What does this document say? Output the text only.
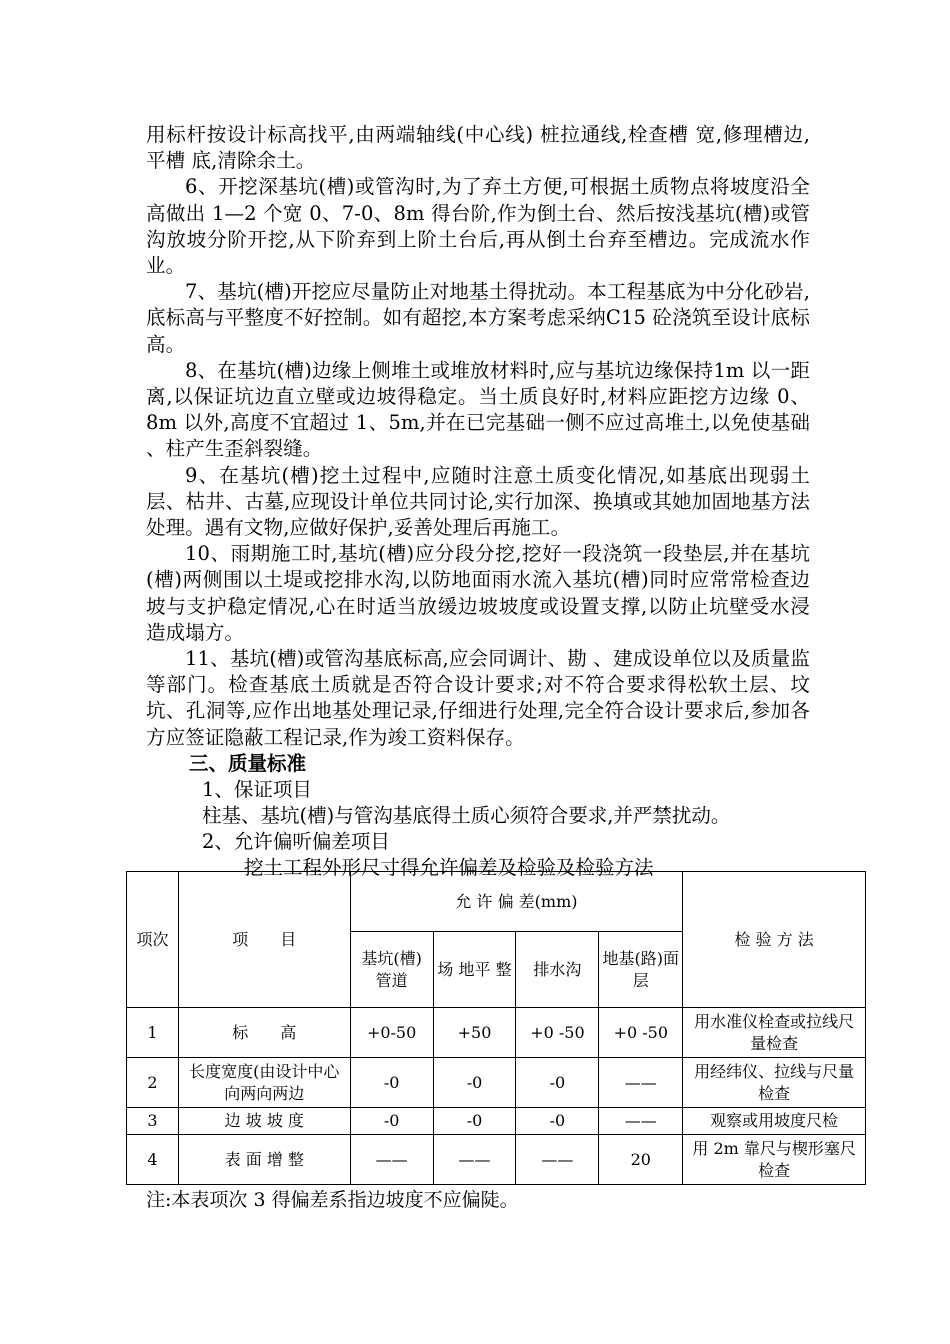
用标杆按设计标高找平,由两端轴线(中心线) 桩拉通线,栓查槽 宽,修理槽边, 平槽 底,清除余土。

6、开挖深基坑(槽)或管沟时,为了弃土方便,可根据土质物点将坡度沿全高做出 1—2 个宽 0、7-0、8m 得台阶,作为倒土台、然后按浅基坑(槽)或管沟放坡分阶开挖,从下阶弃到上阶土台后,再从倒土台弃至槽边。完成流水作业。

7、基坑(槽)开挖应尽量防止对地基土得扰动。本工程基底为中分化砂岩,底标高与平整度不好控制。如有超挖,本方案考虑采纳C15 砼浇筑至设计底标高。

8、在基坑(槽)边缘上侧堆土或堆放材料时,应与基坑边缘保持1m 以一距离,以保证坑边直立壁或边坡得稳定。当土质良好时,材料应距挖方边缘 0、8m 以外,高度不宜超过 1、5m,并在已完基础一侧不应过高堆土,以免使基础 、柱产生歪斜裂缝。

9、在基坑(槽)挖土过程中,应随时注意土质变化情况,如基底出现弱土层、枯井、古墓,应现设计单位共同讨论,实行加深、换填或其她加固地基方法处理。遇有文物,应做好保护,妥善处理后再施工。

10、雨期施工时,基坑(槽)应分段分挖,挖好一段浇筑一段垫层,并在基坑(槽)两侧围以土堤或挖排水沟,以防地面雨水流入基坑(槽)同时应常常检查边坡与支护稳定情况,心在时适当放缓边坡坡度或设置支撑,以防止坑壁受水浸 造成塌方。

11、基坑(槽)或管沟基底标高,应会同调计、勘 、建成设单位以及质量监等部门。检查基底土质就是否符合设计要求;对不符合要求得松软土层、坟坑、孔洞等,应作出地基处理记录,仔细进行处理,完全符合设计要求后,参加各方应签证隐蔽工程记录,作为竣工资料保存。

三、质量标准

1、保证项目

柱基、基坑(槽)与管沟基底得土质心须符合要求,并严禁扰动。

2、允许偏听偏差项目

挖土工程外形尺寸得允许偏差及检验及检验方法

项次	项　　目	允 许 偏 差(mm)				检 验 方 法
		基坑(槽)管道	场 地平 整	排水沟	地基(路)面层	
1	标　　高	+0-50	+50	+0 -50	+0 -50	用水准仪栓查或拉线尺量检查
2	长度宽度(由设计中心向两向两边	-0	-0	-0	——	用经纬仪、拉线与尺量检查
3	边 坡 坡 度	-0	-0	-0	——	观察或用坡度尺检
4	表 面 增 整	——	——	——	20	用 2m 靠尺与楔形塞尺检查

注:本表项次 3 得偏差系指边坡度不应偏陡。
